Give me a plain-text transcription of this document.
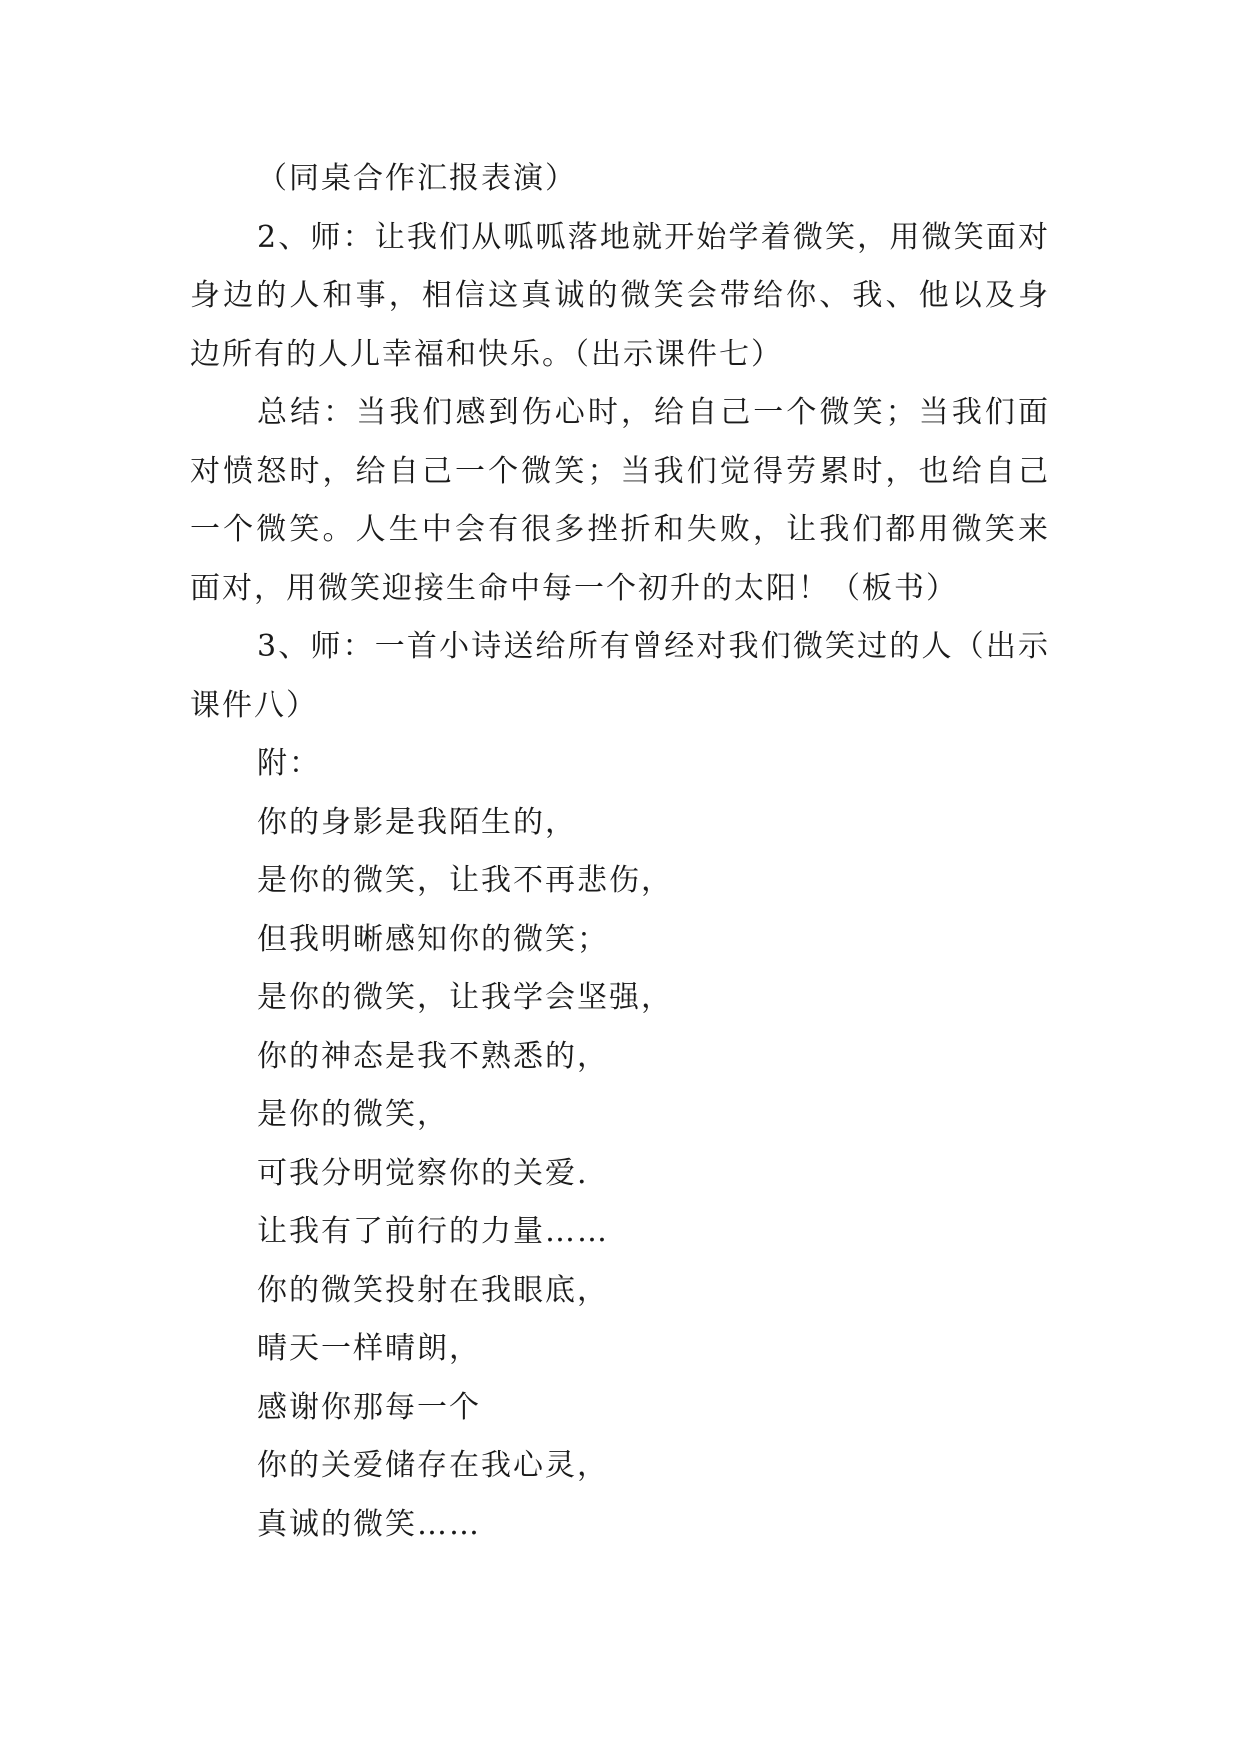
（同桌合作汇报表演）

2、师：让我们从呱呱落地就开始学着微笑，用微笑面对身边的人和事，相信这真诚的微笑会带给你、我、他以及身边所有的人儿幸福和快乐。（出示课件七）

总结：当我们感到伤心时，给自己一个微笑；当我们面对愤怒时，给自己一个微笑；当我们觉得劳累时，也给自己一个微笑。人生中会有很多挫折和失败，让我们都用微笑来面对，用微笑迎接生命中每一个初升的太阳！（板书）

3、师：一首小诗送给所有曾经对我们微笑过的人（出示课件八）

附：

你的身影是我陌生的，

是你的微笑，让我不再悲伤，

但我明晰感知你的微笑；

是你的微笑，让我学会坚强，

你的神态是我不熟悉的，

是你的微笑，

可我分明觉察你的关爱.

让我有了前行的力量……

你的微笑投射在我眼底，

晴天一样晴朗，

感谢你那每一个

你的关爱储存在我心灵，

真诚的微笑……
